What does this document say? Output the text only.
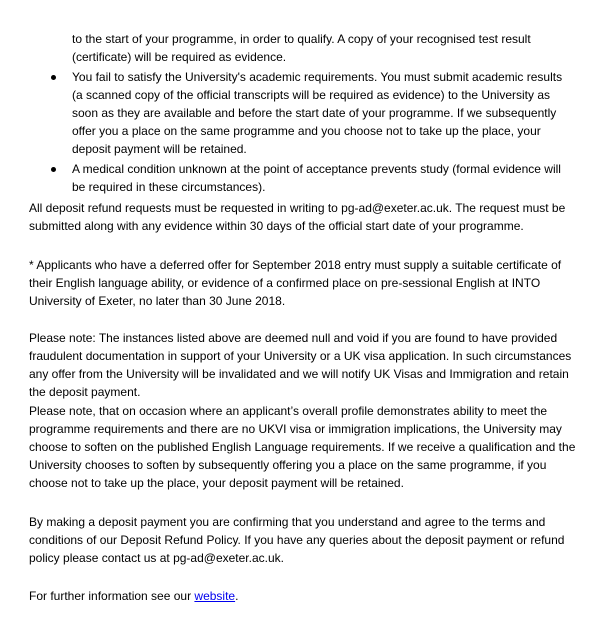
to the start of your programme, in order to qualify. A copy of your recognised test result (certificate) will be required as evidence.
You fail to satisfy the University's academic requirements. You must submit academic results (a scanned copy of the official transcripts will be required as evidence) to the University as soon as they are available and before the start date of your programme. If we subsequently offer you a place on the same programme and you choose not to take up the place, your deposit payment will be retained.
A medical condition unknown at the point of acceptance prevents study (formal evidence will be required in these circumstances).

All deposit refund requests must be requested in writing to pg-ad@exeter.ac.uk. The request must be submitted along with any evidence within 30 days of the official start date of your programme.

* Applicants who have a deferred offer for September 2018 entry must supply a suitable certificate of their English language ability, or evidence of a confirmed place on pre-sessional English at INTO University of Exeter, no later than 30 June 2018.

Please note: The instances listed above are deemed null and void if you are found to have provided fraudulent documentation in support of your University or a UK visa application. In such circumstances any offer from the University will be invalidated and we will notify UK Visas and Immigration and retain the deposit payment.

Please note, that on occasion where an applicant’s overall profile demonstrates ability to meet the programme requirements and there are no UKVI visa or immigration implications, the University may choose to soften on the published English Language requirements. If we receive a qualification and the University chooses to soften by subsequently offering you a place on the same programme, if you choose not to take up the place, your deposit payment will be retained.

By making a deposit payment you are confirming that you understand and agree to the terms and conditions of our Deposit Refund Policy. If you have any queries about the deposit payment or refund policy please contact us at pg-ad@exeter.ac.uk.

For further information see our website.
